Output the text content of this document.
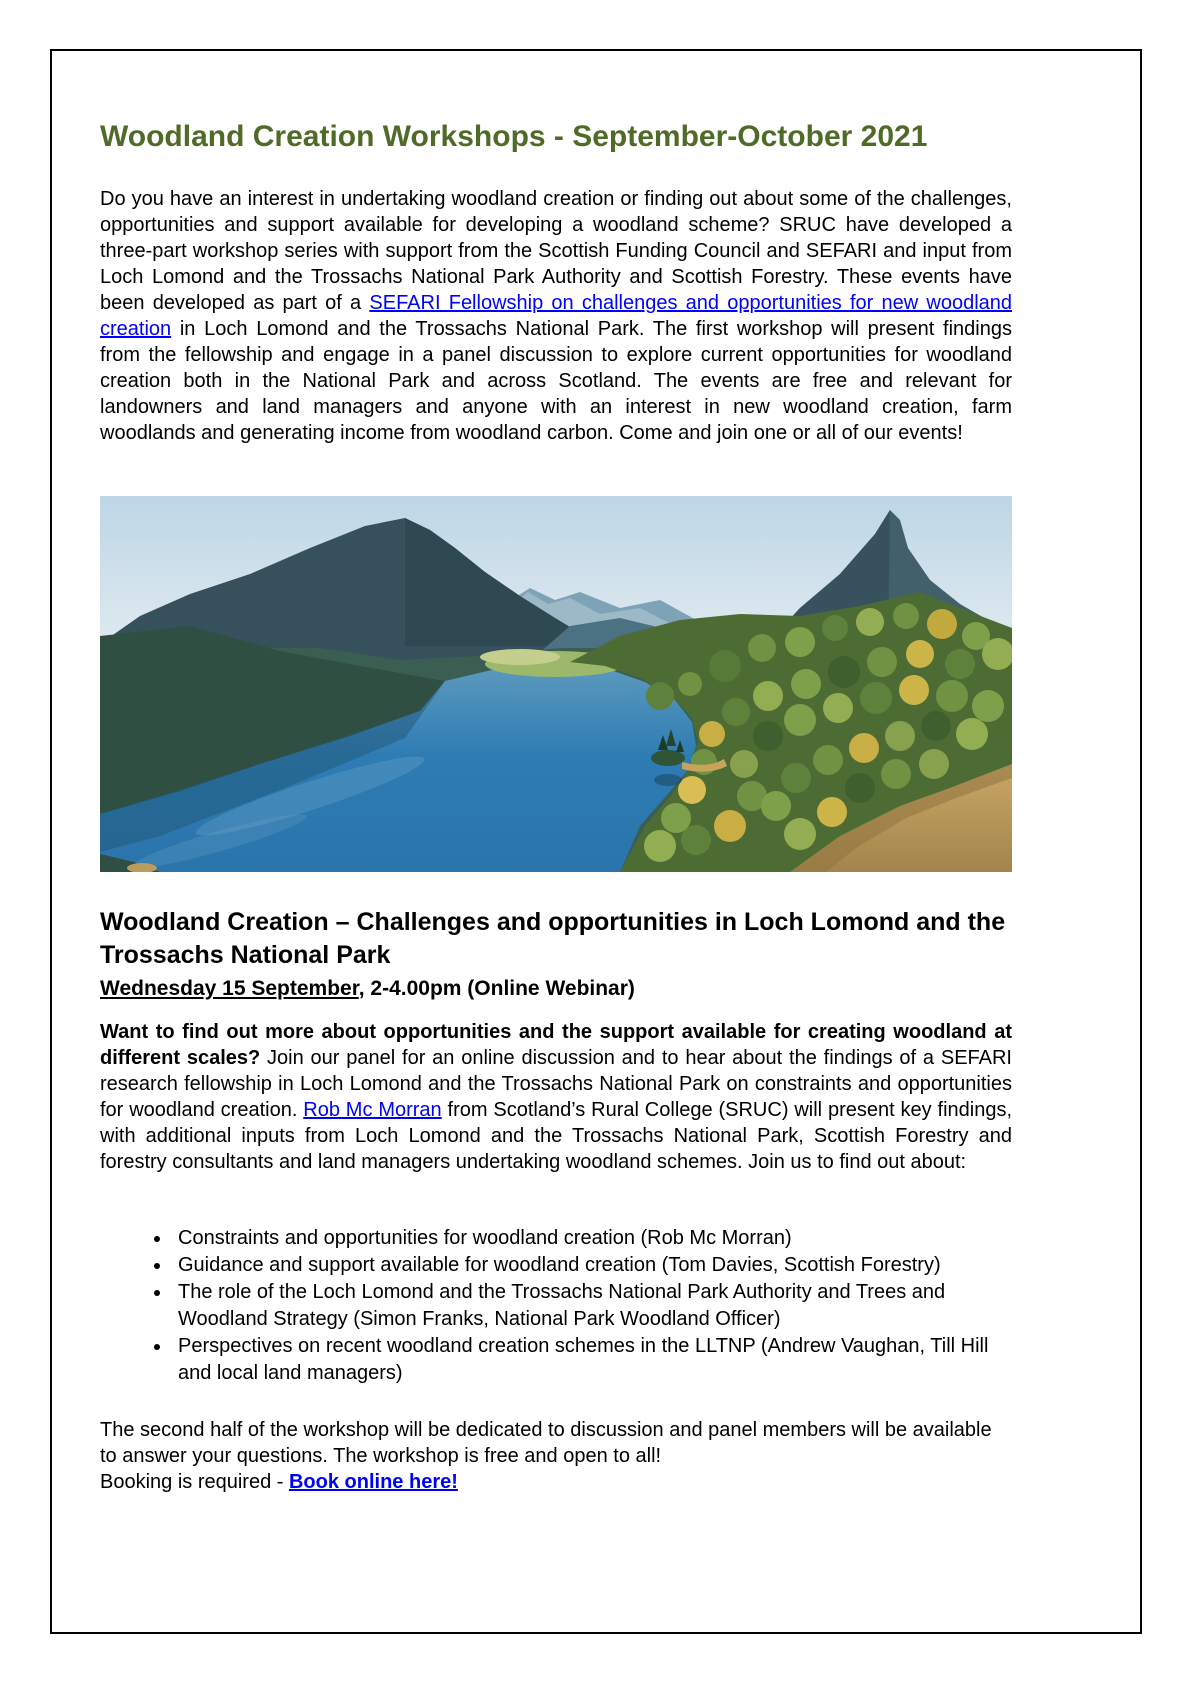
Woodland Creation Workshops - September-October 2021

Do you have an interest in undertaking woodland creation or finding out about some of the challenges, opportunities and support available for developing a woodland scheme? SRUC have developed a three-part workshop series with support from the Scottish Funding Council and SEFARI and input from Loch Lomond and the Trossachs National Park Authority and Scottish Forestry. These events have been developed as part of a SEFARI Fellowship on challenges and opportunities for new woodland creation in Loch Lomond and the Trossachs National Park. The first workshop will present findings from the fellowship and engage in a panel discussion to explore current opportunities for woodland creation both in the National Park and across Scotland. The events are free and relevant for landowners and land managers and anyone with an interest in new woodland creation, farm woodlands and generating income from woodland carbon. Come and join one or all of our events!

Woodland Creation – Challenges and opportunities in Loch Lomond and the Trossachs National Park

Wednesday 15 September, 2-4.00pm (Online Webinar)

Want to find out more about opportunities and the support available for creating woodland at different scales? Join our panel for an online discussion and to hear about the findings of a SEFARI research fellowship in Loch Lomond and the Trossachs National Park on constraints and opportunities for woodland creation. Rob Mc Morran from Scotland’s Rural College (SRUC) will present key findings, with additional inputs from Loch Lomond and the Trossachs National Park, Scottish Forestry and forestry consultants and land managers undertaking woodland schemes. Join us to find out about:

• Constraints and opportunities for woodland creation (Rob Mc Morran)
• Guidance and support available for woodland creation (Tom Davies, Scottish Forestry)
• The role of the Loch Lomond and the Trossachs National Park Authority and Trees and Woodland Strategy (Simon Franks, National Park Woodland Officer)
• Perspectives on recent woodland creation schemes in the LLTNP (Andrew Vaughan, Till Hill and local land managers)

The second half of the workshop will be dedicated to discussion and panel members will be available to answer your questions. The workshop is free and open to all!
Booking is required - Book online here!
